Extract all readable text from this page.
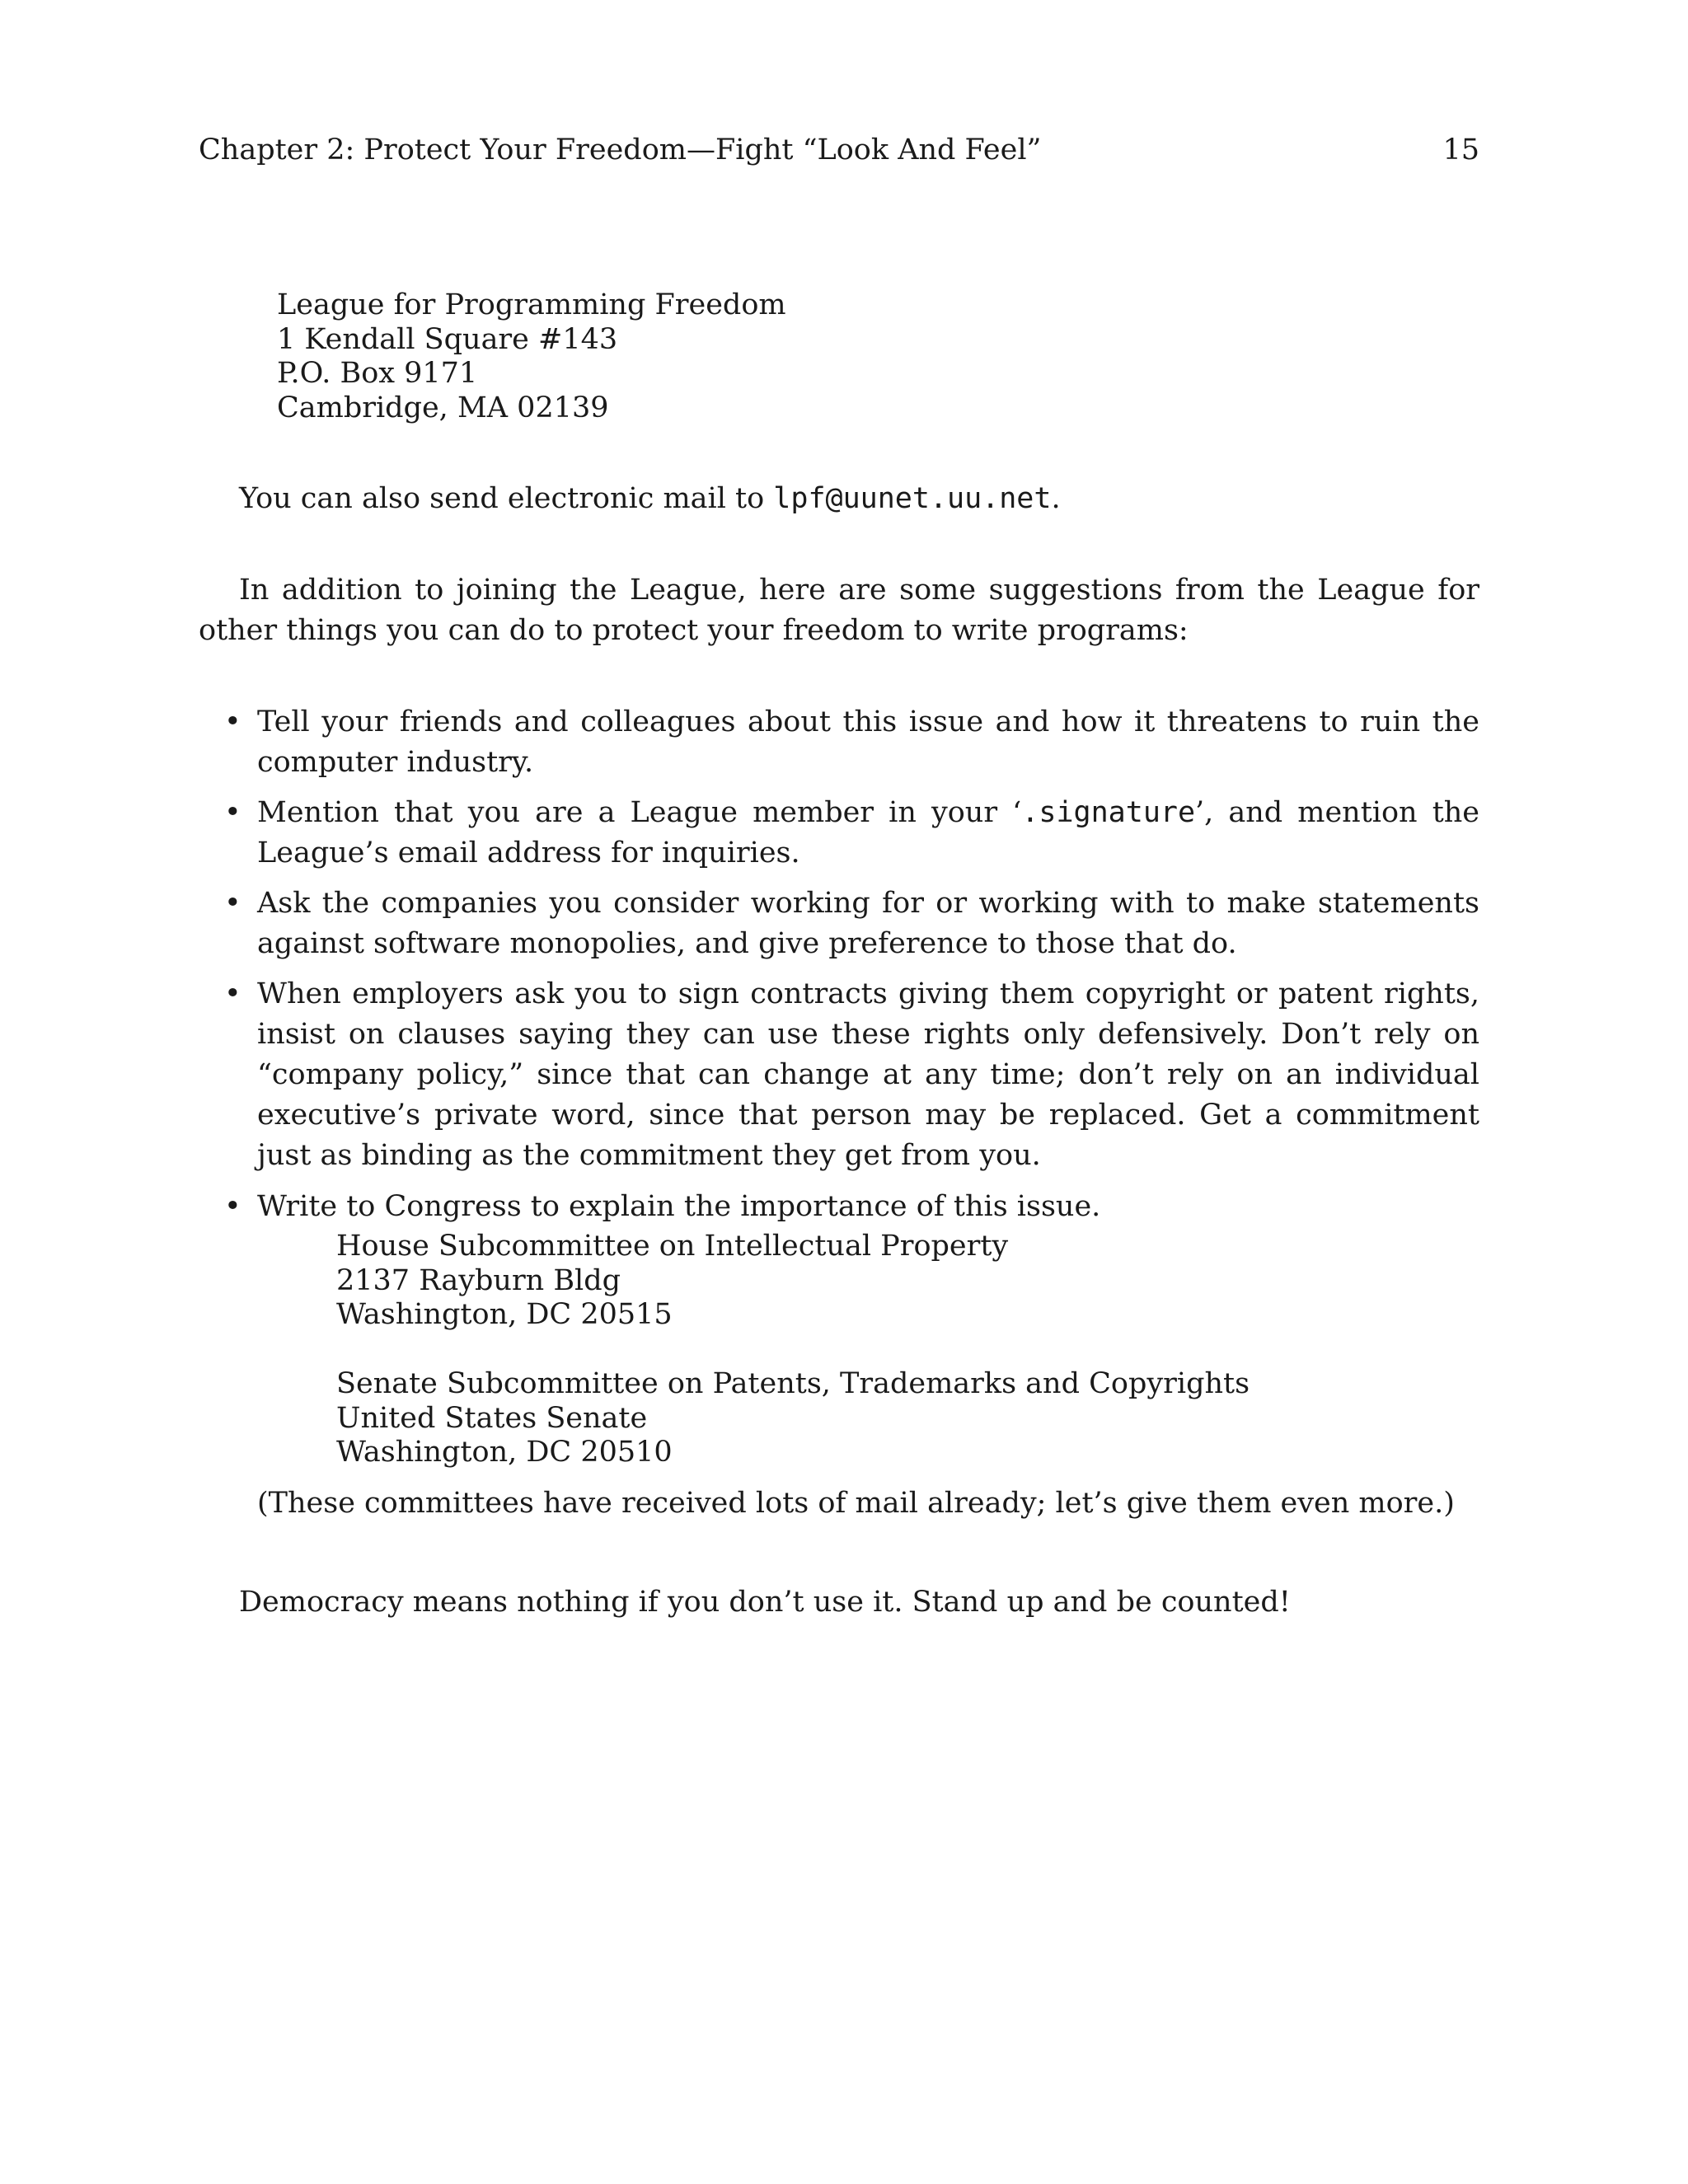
Chapter 2: Protect Your Freedom—Fight “Look And Feel”	15
League for Programming Freedom
1 Kendall Square #143
P.O. Box 9171
Cambridge, MA 02139
You can also send electronic mail to lpf@uunet.uu.net.
In addition to joining the League, here are some suggestions from the League for other things you can do to protect your freedom to write programs:
• Tell your friends and colleagues about this issue and how it threatens to ruin the computer industry.
• Mention that you are a League member in your ‘.signature’, and mention the League’s email address for inquiries.
• Ask the companies you consider working for or working with to make statements against software monopolies, and give preference to those that do.
• When employers ask you to sign contracts giving them copyright or patent rights, insist on clauses saying they can use these rights only defensively. Don’t rely on “company policy,” since that can change at any time; don’t rely on an individual executive’s private word, since that person may be replaced. Get a commitment just as binding as the commitment they get from you.
• Write to Congress to explain the importance of this issue.
House Subcommittee on Intellectual Property
2137 Rayburn Bldg
Washington, DC 20515
Senate Subcommittee on Patents, Trademarks and Copyrights
United States Senate
Washington, DC 20510
(These committees have received lots of mail already; let’s give them even more.)
Democracy means nothing if you don’t use it. Stand up and be counted!
